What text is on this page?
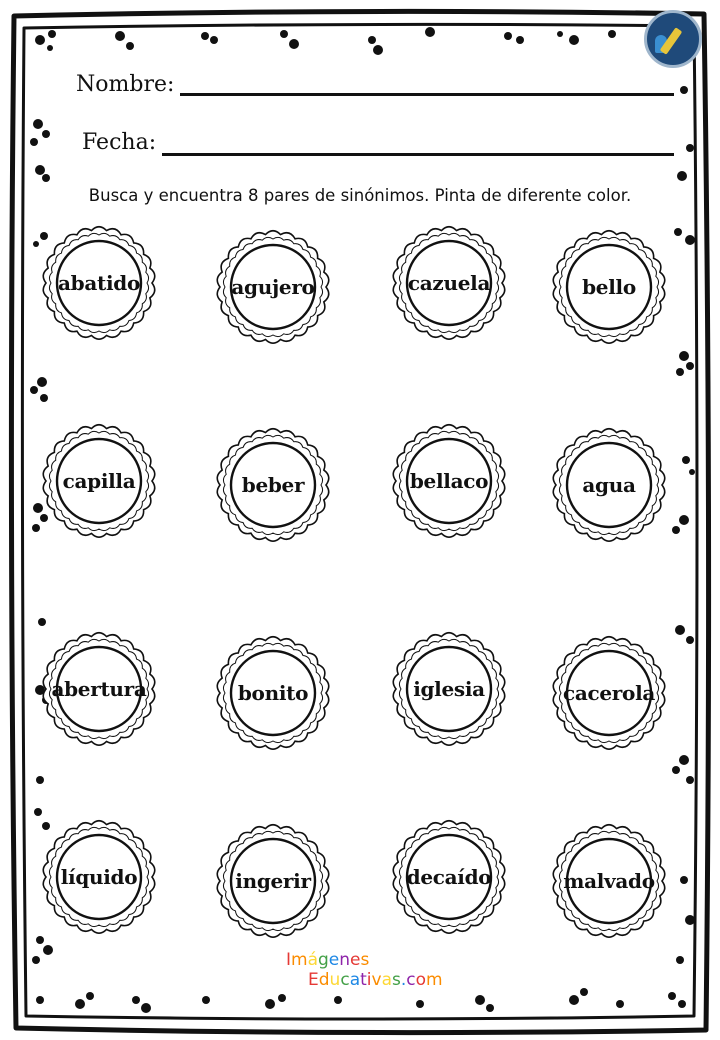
Nombre:
Fecha:
Busca y encuentra 8 pares de sinónimos. Pinta de diferente color.
abatido	agujero	cazuela	bello
capilla	beber	bellaco	agua
abertura	bonito	iglesia	cacerola
líquido	ingerir	decaído	malvado
Imágenes
Educativas.com
